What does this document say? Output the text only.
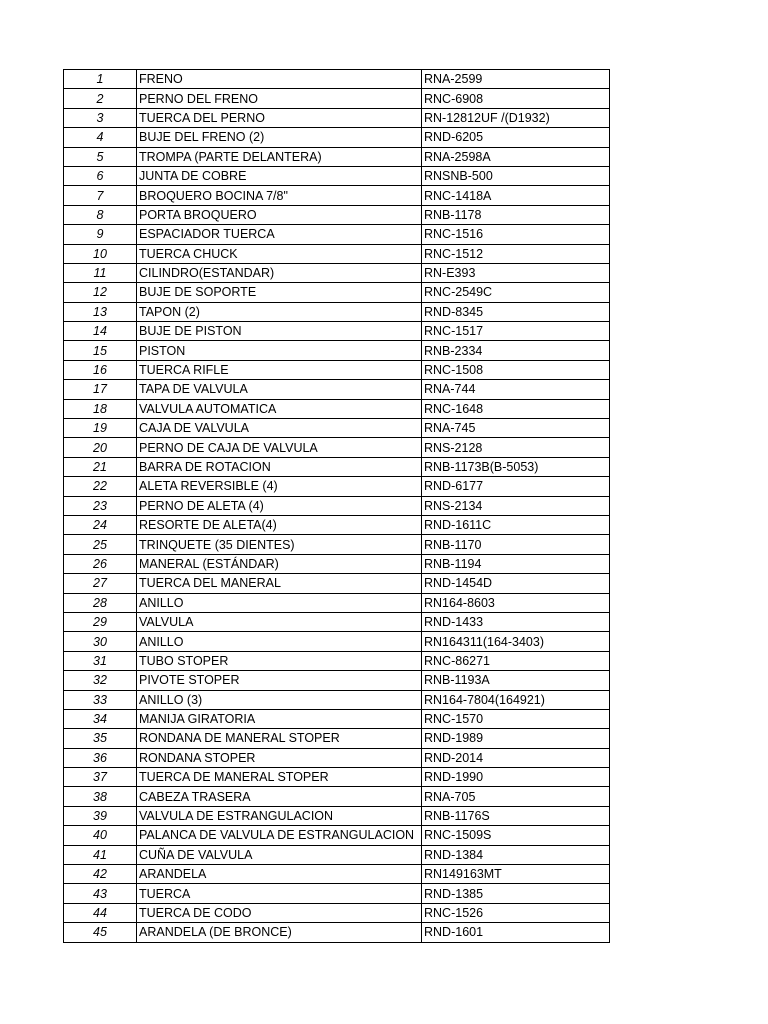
1	FRENO	RNA-2599
2	PERNO DEL FRENO	RNC-6908
3	TUERCA DEL PERNO	RN-12812UF /(D1932)
4	BUJE DEL FRENO (2)	RND-6205
5	TROMPA (PARTE DELANTERA)	RNA-2598A
6	JUNTA DE COBRE	RNSNB-500
7	BROQUERO BOCINA 7/8"	RNC-1418A
8	PORTA BROQUERO	RNB-1178
9	ESPACIADOR TUERCA	RNC-1516
10	TUERCA CHUCK	RNC-1512
11	CILINDRO(ESTANDAR)	RN-E393
12	BUJE DE SOPORTE	RNC-2549C
13	TAPON (2)	RND-8345
14	BUJE DE PISTON	RNC-1517
15	PISTON	RNB-2334
16	TUERCA RIFLE	RNC-1508
17	TAPA DE VALVULA	RNA-744
18	VALVULA AUTOMATICA	RNC-1648
19	CAJA DE VALVULA	RNA-745
20	PERNO DE CAJA DE VALVULA	RNS-2128
21	BARRA DE ROTACION	RNB-1173B(B-5053)
22	ALETA REVERSIBLE (4)	RND-6177
23	PERNO DE ALETA (4)	RNS-2134
24	RESORTE DE ALETA(4)	RND-1611C
25	TRINQUETE (35 DIENTES)	RNB-1170
26	MANERAL (ESTÁNDAR)	RNB-1194
27	TUERCA DEL MANERAL	RND-1454D
28	ANILLO	RN164-8603
29	VALVULA	RND-1433
30	ANILLO	RN164311(164-3403)
31	TUBO STOPER	RNC-86271
32	PIVOTE STOPER	RNB-1193A
33	ANILLO (3)	RN164-7804(164921)
34	MANIJA GIRATORIA	RNC-1570
35	RONDANA DE MANERAL STOPER	RND-1989
36	RONDANA STOPER	RND-2014
37	TUERCA DE MANERAL STOPER	RND-1990
38	CABEZA TRASERA	RNA-705
39	VALVULA DE ESTRANGULACION	RNB-1176S
40	PALANCA DE VALVULA DE ESTRANGULACION	RNC-1509S
41	CUÑA DE VALVULA	RND-1384
42	ARANDELA	RN149163MT
43	TUERCA	RND-1385
44	TUERCA DE CODO	RNC-1526
45	ARANDELA (DE BRONCE)	RND-1601
